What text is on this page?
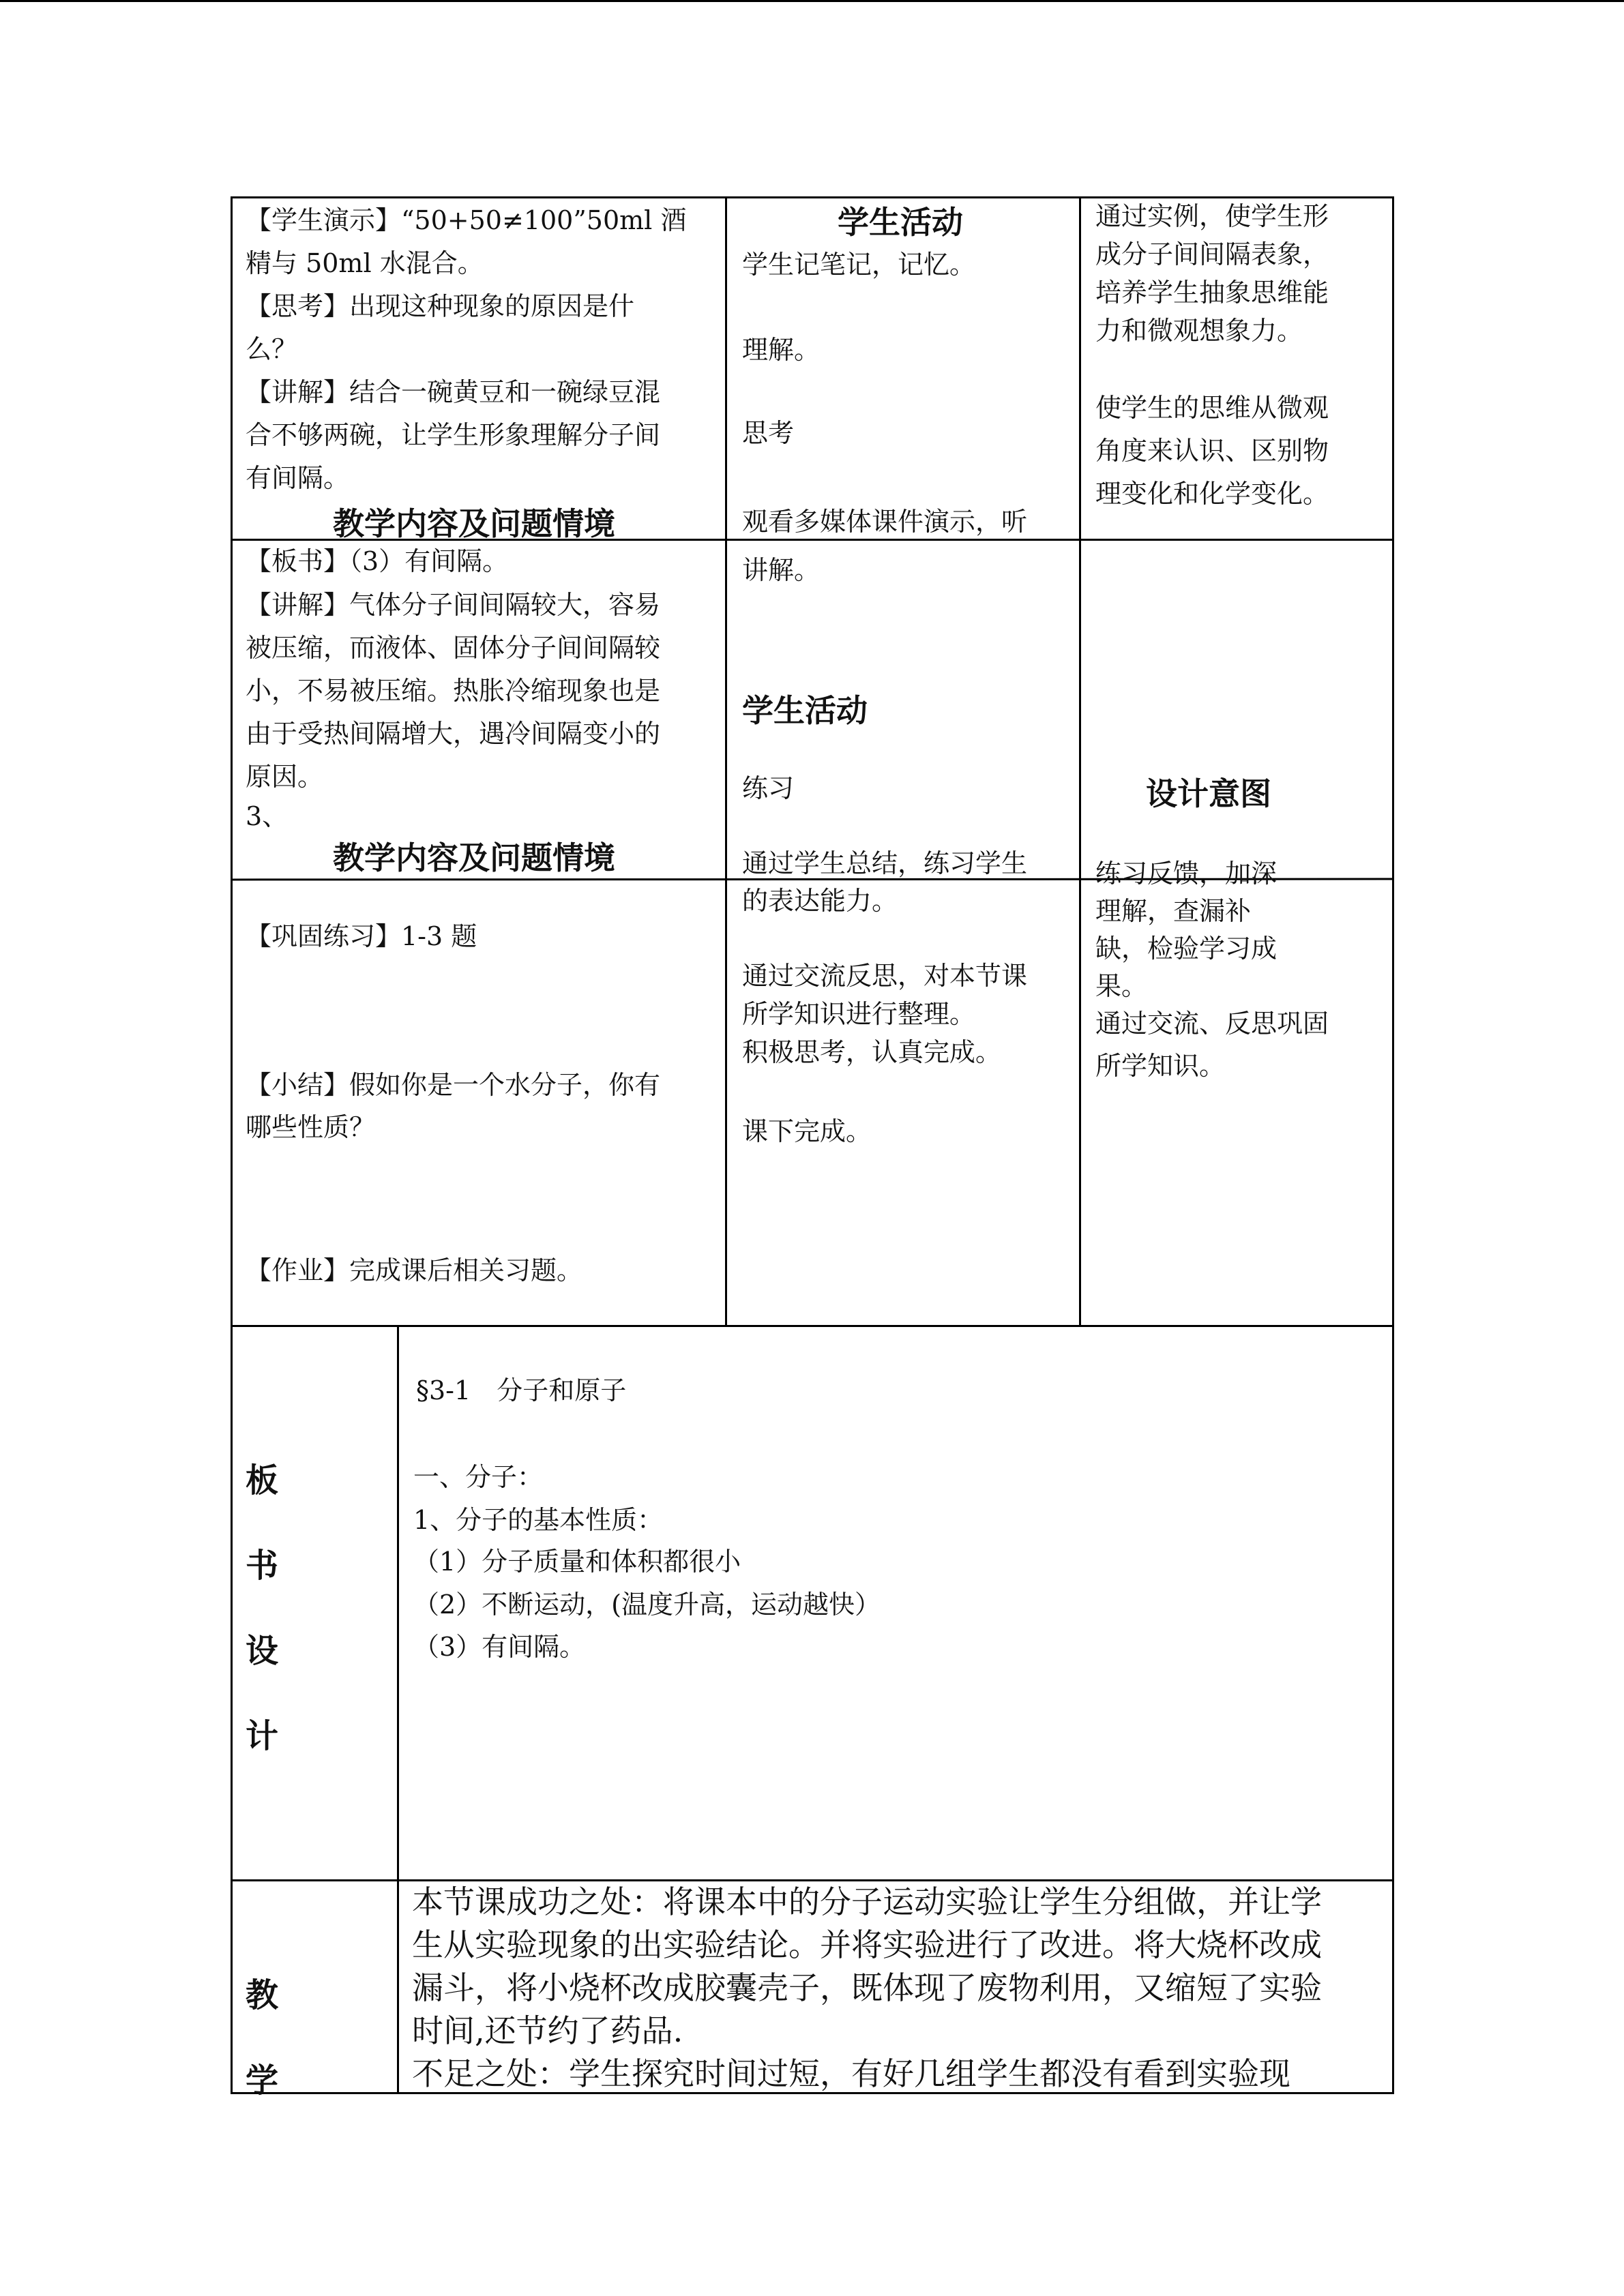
【学生演示】“50+50≠100”50ml 酒
精与 50ml 水混合。
【思考】出现这种现象的原因是什
么？
【讲解】结合一碗黄豆和一碗绿豆混
合不够两碗，让学生形象理解分子间
有间隔。
教学内容及问题情境
学生活动
学生记笔记，记忆。
理解。
思考
观看多媒体课件演示，听
通过实例，使学生形
成分子间间隔表象，
培养学生抽象思维能
力和微观想象力。
使学生的思维从微观
角度来认识、区别物
理变化和化学变化。
【板书】（3）有间隔。
【讲解】气体分子间间隔较大，容易
被压缩，而液体、固体分子间间隔较
小，不易被压缩。热胀冷缩现象也是
由于受热间隔增大，遇冷间隔变小的
原因。
3、
教学内容及问题情境
讲解。
学生活动
练习
通过学生总结，练习学生
设计意图
【巩固练习】1-3 题
【小结】假如你是一个水分子，你有
哪些性质？
【作业】完成课后相关习题。
的表达能力。
通过交流反思，对本节课
所学知识进行整理。
积极思考，认真完成。
课下完成。
练习反馈，加深
理解，查漏补
缺，检验学习成
果。
通过交流、反思巩固
所学知识。
板
书
设
计
§3-1　分子和原子
一、分子：
1、分子的基本性质：
（1）分子质量和体积都很小
（2）不断运动，(温度升高，运动越快）
（3）有间隔。
教
学
本节课成功之处：将课本中的分子运动实验让学生分组做，并让学
生从实验现象的出实验结论。并将实验进行了改进。将大烧杯改成
漏斗，将小烧杯改成胶囊壳子，既体现了废物利用，又缩短了实验
时间,还节约了药品.
不足之处：学生探究时间过短，有好几组学生都没有看到实验现
